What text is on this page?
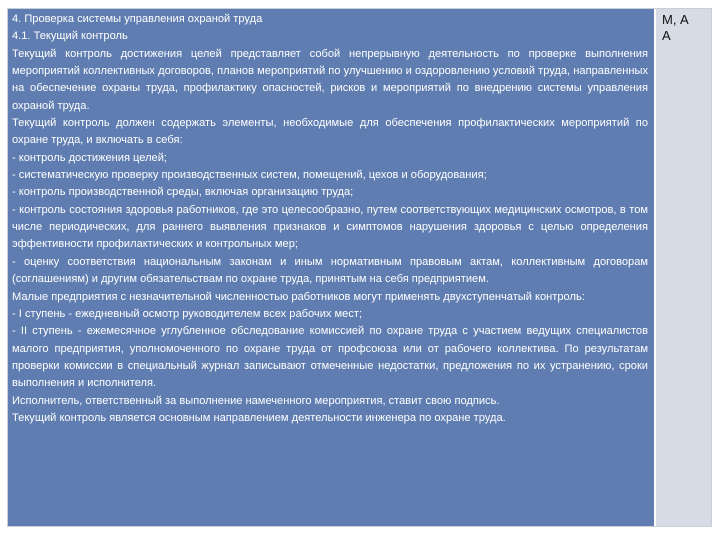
4. Проверка системы управления охраной труда

4.1. Текущий контроль

Текущий контроль достижения целей представляет собой непрерывную деятельность по проверке выполнения мероприятий коллективных договоров, планов мероприятий по улучшению и оздоровлению условий труда, направленных на обеспечение охраны труда, профилактику опасностей, рисков и мероприятий по внедрению системы управления охраной труда.

Текущий контроль должен содержать элементы, необходимые для обеспечения профилактических мероприятий по охране труда, и включать в себя:

- контроль достижения целей;

- систематическую проверку производственных систем, помещений, цехов и оборудования;

- контроль производственной среды, включая организацию труда;

- контроль состояния здоровья работников, где это целесообразно, путем соответствующих медицинских осмотров, в том числе периодических, для раннего выявления признаков и симптомов нарушения здоровья с целью определения эффективности профилактических и контрольных мер;

- оценку соответствия национальным законам и иным нормативным правовым актам, коллективным договорам (соглашениям) и другим обязательствам по охране труда, принятым на себя предприятием.

Малые предприятия с незначительной численностью работников могут применять двухступенчатый контроль:

- I ступень - ежедневный осмотр руководителем всех рабочих мест;

- II ступень - ежемесячное углубленное обследование комиссией по охране труда с участием ведущих специалистов малого предприятия, уполномоченного по охране труда от профсоюза или от рабочего коллектива. По результатам проверки комиссии в специальный журнал записывают отмеченные недостатки, предложения по их устранению, сроки выполнения и исполнителя.

Исполнитель, ответственный за выполнение намеченного мероприятия, ставит свою подпись.

Текущий контроль является основным направлением деятельности инженера по охране труда.

М, А
А
